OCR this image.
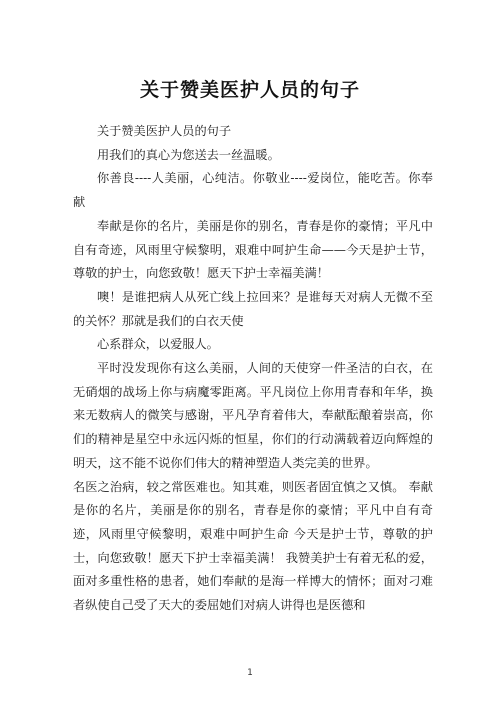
关于赞美医护人员的句子

关于赞美医护人员的句子

用我们的真心为您送去一丝温暖。

你善良----人美丽，心纯洁。你敬业----爱岗位，能吃苦。你奉献

奉献是你的名片，美丽是你的别名，青春是你的豪情；平凡中自有奇迹，风雨里守候黎明，艰难中呵护生命——今天是护士节，尊敬的护士，向您致敬！愿天下护士幸福美满！

噢！是谁把病人从死亡线上拉回来？是谁每天对病人无微不至的关怀？那就是我们的白衣天使

心系群众，以爱服人。

平时没发现你有这么美丽，人间的天使穿一件圣洁的白衣，在无硝烟的战场上你与病魔零距离。平凡岗位上你用青春和年华，换来无数病人的微笑与感谢，平凡孕育着伟大，奉献酝酿着崇高，你们的精神是星空中永远闪烁的恒星，你们的行动满载着迈向辉煌的明天，这不能不说你们伟大的精神塑造人类完美的世界。

名医之治病，较之常医难也。知其难，则医者固宜慎之又慎。 奉献是你的名片，美丽是你的别名，青春是你的豪情；平凡中自有奇迹，风雨里守候黎明，艰难中呵护生命 今天是护士节，尊敬的护士，向您致敬！愿天下护士幸福美满！ 我赞美护士有着无私的爱，面对多重性格的患者，她们奉献的是海一样博大的情怀；面对刁难者纵使自己受了天大的委屈她们对病人讲得也是医德和

1
